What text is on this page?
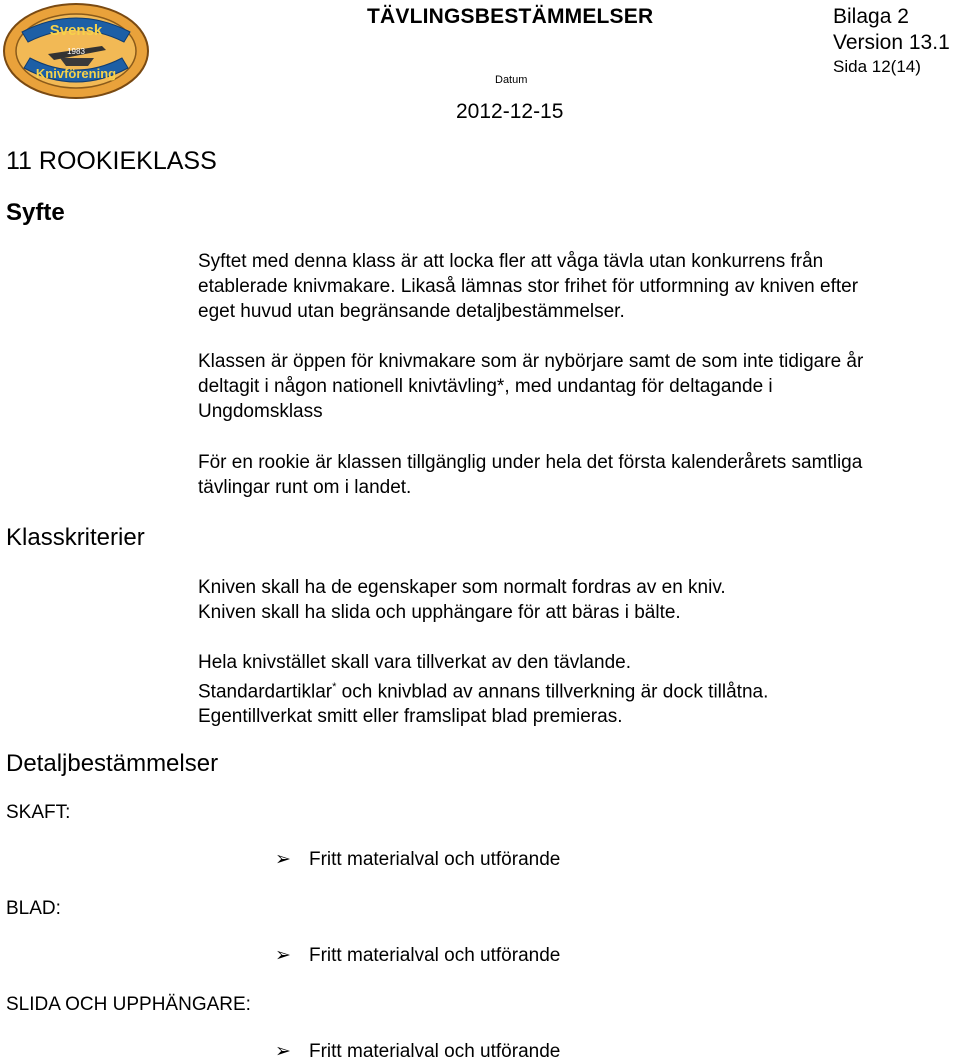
Svensk
1983
Knivförening
TÄVLINGSBESTÄMMELSER	Bilaga 2
Version 13.1
Sida 12(14)
Datum
2012-12-15
11 ROOKIEKLASS
Syfte
Syftet med denna klass är att locka fler att våga tävla utan konkurrens från
etablerade knivmakare. Likaså lämnas stor frihet för utformning av kniven efter
eget huvud utan begränsande detaljbestämmelser.
Klassen är öppen för knivmakare som är nybörjare samt de som inte tidigare år
deltagit i någon nationell knivtävling*, med undantag för deltagande i
Ungdomsklass
För en rookie är klassen tillgänglig under hela det första kalenderårets samtliga
tävlingar runt om i landet.
Klasskriterier
Kniven skall ha de egenskaper som normalt fordras av en kniv.
Kniven skall ha slida och upphängare för att bäras i bälte.
Hela knivstället skall vara tillverkat av den tävlande.
Standardartiklar* och knivblad av annans tillverkning är dock tillåtna.
Egentillverkat smitt eller framslipat blad premieras.
Detaljbestämmelser
SKAFT:
➢ Fritt materialval och utförande
BLAD:
➢ Fritt materialval och utförande
SLIDA OCH UPPHÄNGARE:
➢ Fritt materialval och utförande
